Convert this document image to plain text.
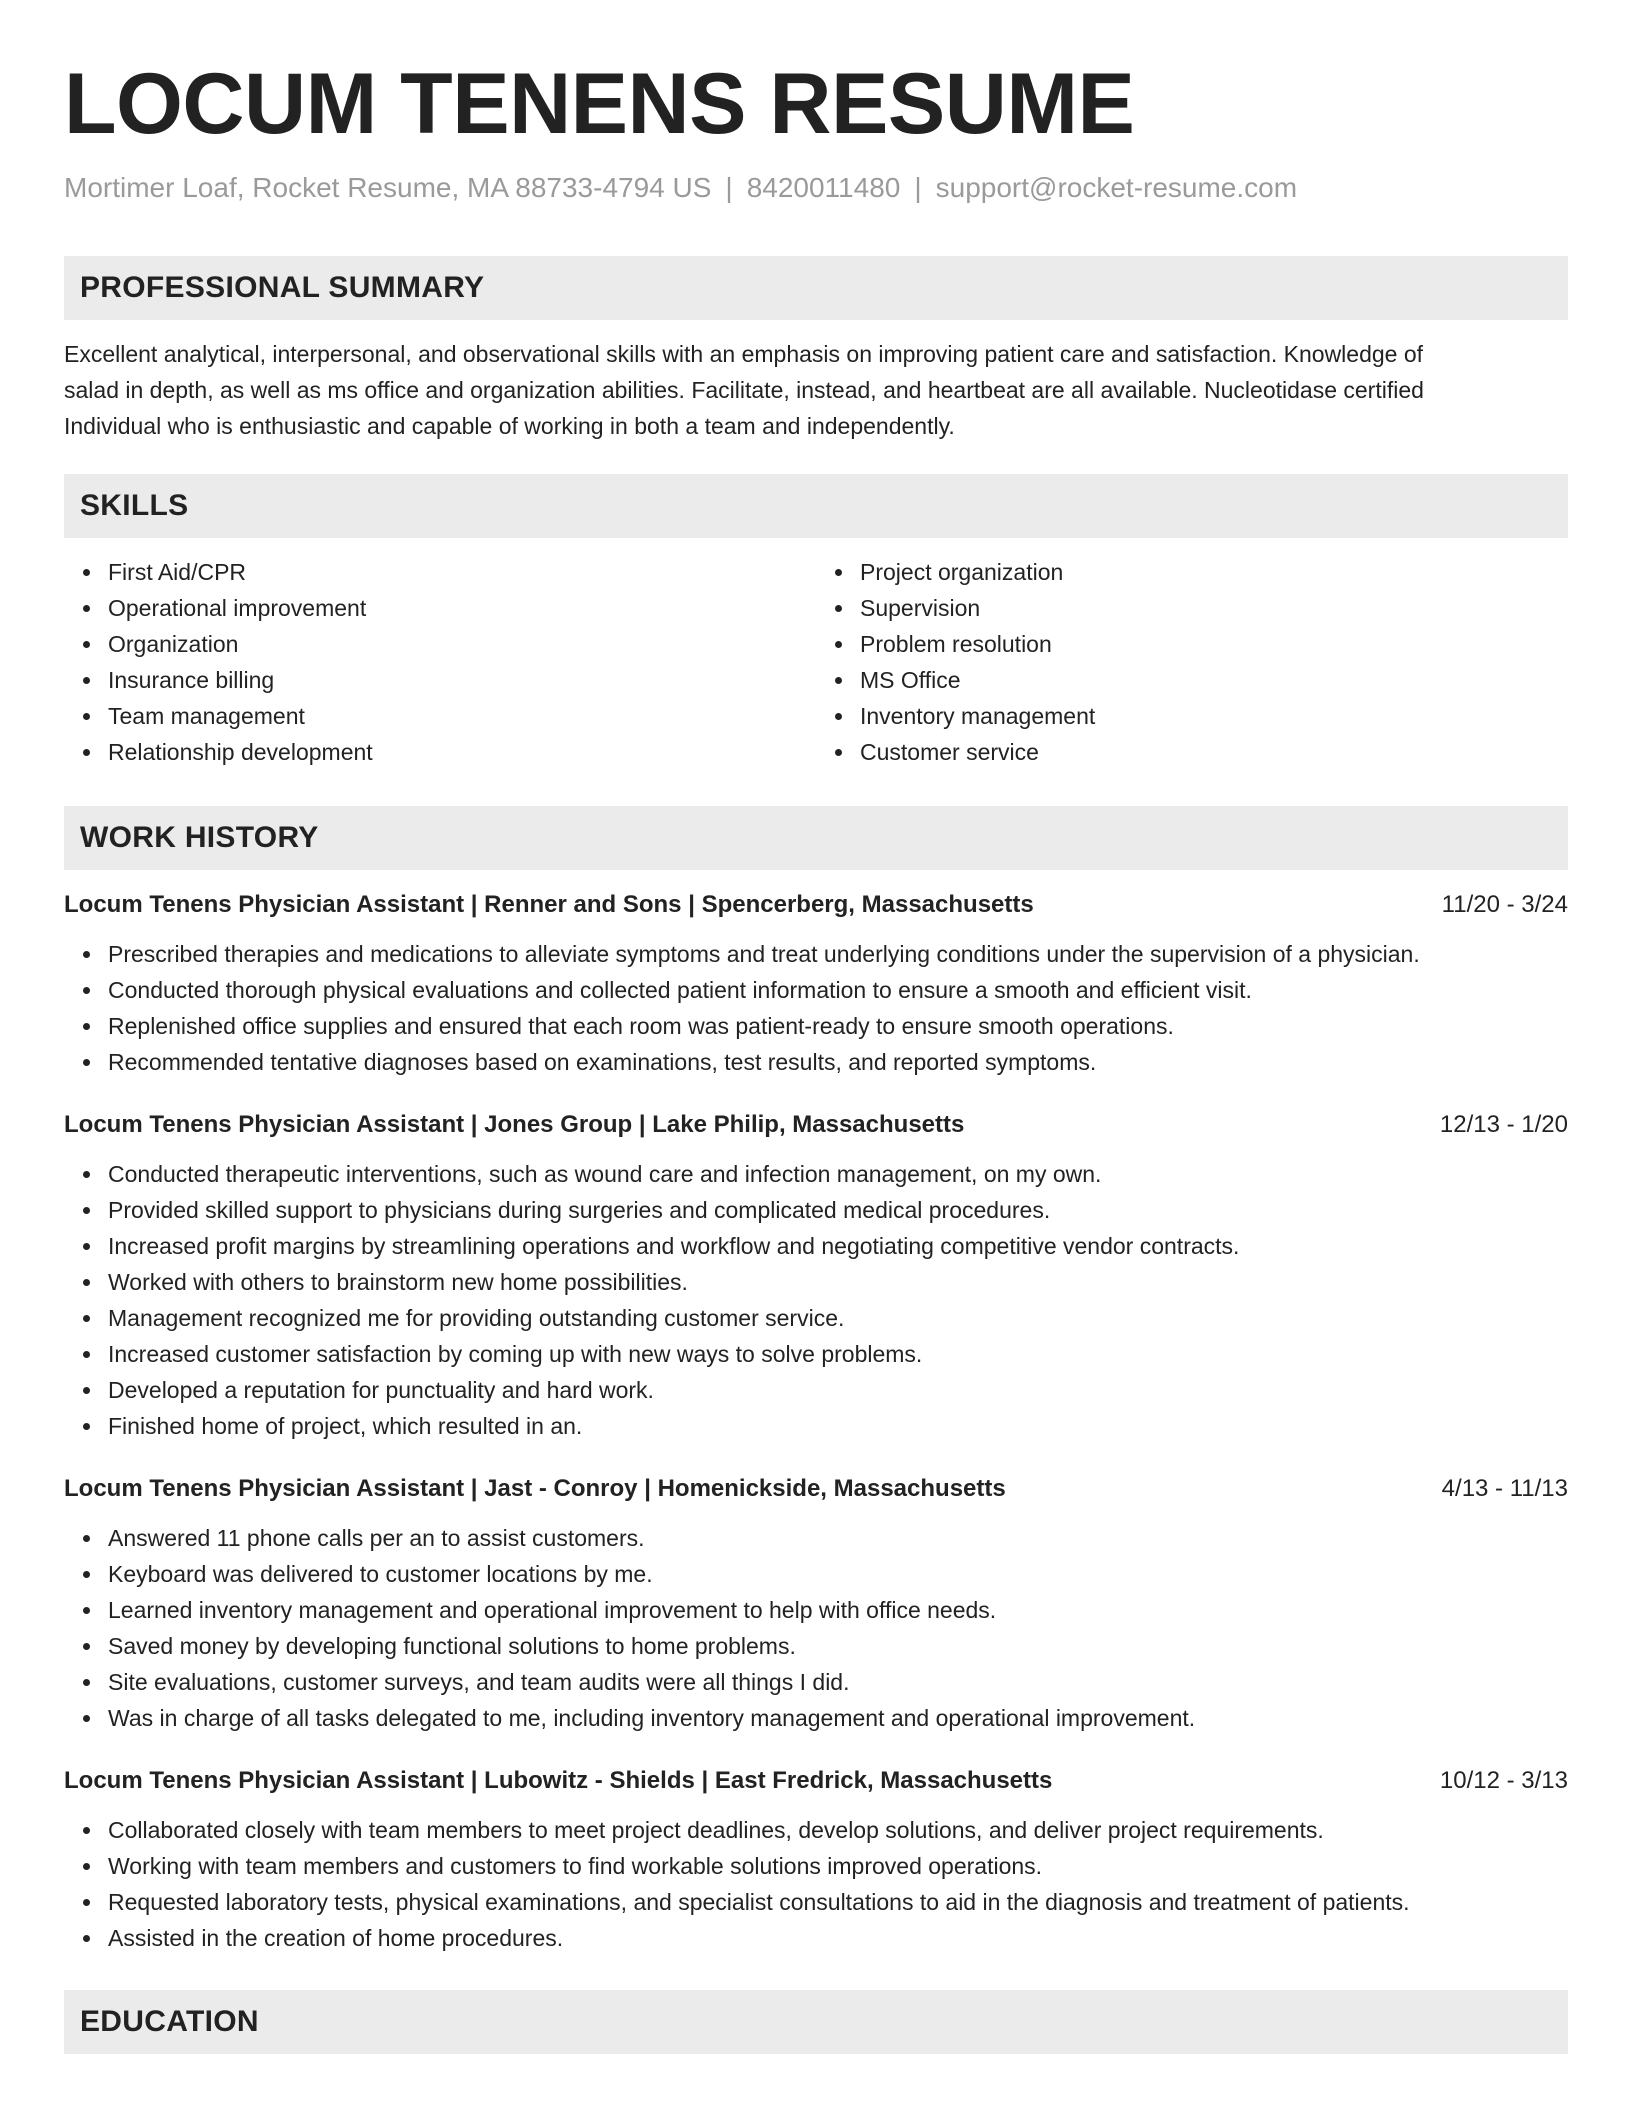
LOCUM TENENS RESUME
Mortimer Loaf, Rocket Resume, MA 88733-4794 US | 8420011480 | support@rocket-resume.com
PROFESSIONAL SUMMARY
Excellent analytical, interpersonal, and observational skills with an emphasis on improving patient care and satisfaction. Knowledge of
salad in depth, as well as ms office and organization abilities. Facilitate, instead, and heartbeat are all available. Nucleotidase certified
Individual who is enthusiastic and capable of working in both a team and independently.
SKILLS
First Aid/CPR
Operational improvement
Organization
Insurance billing
Team management
Relationship development
Project organization
Supervision
Problem resolution
MS Office
Inventory management
Customer service
WORK HISTORY
Locum Tenens Physician Assistant | Renner and Sons | Spencerberg, Massachusetts	11/20 - 3/24
Prescribed therapies and medications to alleviate symptoms and treat underlying conditions under the supervision of a physician.
Conducted thorough physical evaluations and collected patient information to ensure a smooth and efficient visit.
Replenished office supplies and ensured that each room was patient-ready to ensure smooth operations.
Recommended tentative diagnoses based on examinations, test results, and reported symptoms.
Locum Tenens Physician Assistant | Jones Group | Lake Philip, Massachusetts	12/13 - 1/20
Conducted therapeutic interventions, such as wound care and infection management, on my own.
Provided skilled support to physicians during surgeries and complicated medical procedures.
Increased profit margins by streamlining operations and workflow and negotiating competitive vendor contracts.
Worked with others to brainstorm new home possibilities.
Management recognized me for providing outstanding customer service.
Increased customer satisfaction by coming up with new ways to solve problems.
Developed a reputation for punctuality and hard work.
Finished home of project, which resulted in an.
Locum Tenens Physician Assistant | Jast - Conroy | Homenickside, Massachusetts	4/13 - 11/13
Answered 11 phone calls per an to assist customers.
Keyboard was delivered to customer locations by me.
Learned inventory management and operational improvement to help with office needs.
Saved money by developing functional solutions to home problems.
Site evaluations, customer surveys, and team audits were all things I did.
Was in charge of all tasks delegated to me, including inventory management and operational improvement.
Locum Tenens Physician Assistant | Lubowitz - Shields | East Fredrick, Massachusetts	10/12 - 3/13
Collaborated closely with team members to meet project deadlines, develop solutions, and deliver project requirements.
Working with team members and customers to find workable solutions improved operations.
Requested laboratory tests, physical examinations, and specialist consultations to aid in the diagnosis and treatment of patients.
Assisted in the creation of home procedures.
EDUCATION
